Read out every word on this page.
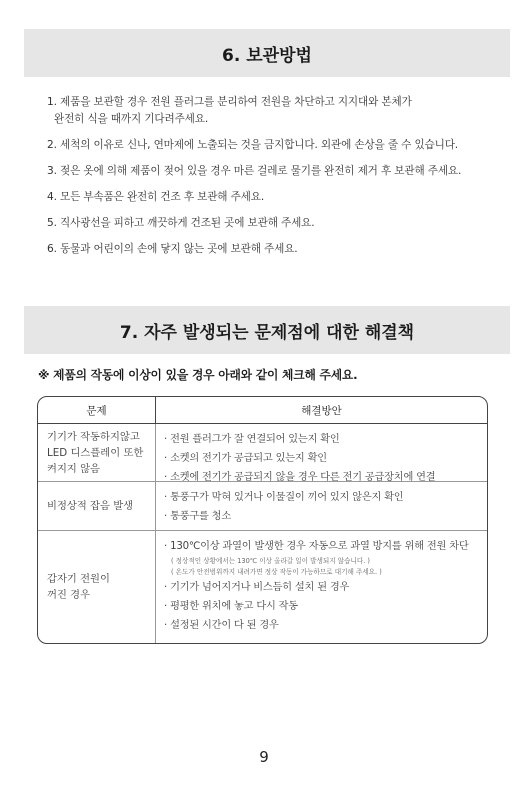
6. 보관방법
1. 제품을 보관할 경우 전원 플러그를 분리하여 전원을 차단하고 지지대와 본체가
완전히 식을 때까지 기다려주세요.
2. 세척의 이유로 신나, 연마제에 노출되는 것을 금지합니다. 외관에 손상을 줄 수 있습니다.
3. 젖은 옷에 의해 제품이 젖어 있을 경우 마른 걸레로 물기를 완전히 제거 후 보관해 주세요.
4. 모든 부속품은 완전히 건조 후 보관해 주세요.
5. 직사광선을 피하고 깨끗하게 건조된 곳에 보관해 주세요.
6. 동물과 어린이의 손에 닿지 않는 곳에 보관해 주세요.
7. 자주 발생되는 문제점에 대한 해결책
※ 제품의 작동에 이상이 있을 경우 아래와 같이 체크해 주세요.
문제	해결방안
기기가 작동하지않고
LED 디스플레이 또한
켜지지 않음
· 전원 플러그가 잘 연결되어 있는지 확인
· 소켓의 전기가 공급되고 있는지 확인
· 소켓에 전기가 공급되지 않을 경우 다른 전기 공급장치에 연결
비정상적 잡음 발생
· 통풍구가 막혀 있거나 이물질이 끼어 있지 않은지 확인
· 통풍구를 청소
갑자기 전원이
꺼진 경우
· 130℃이상 과열이 발생한 경우 자동으로 과열 방지를 위해 전원 차단
( 정상적인 상황에서는 130℃ 이상 올라갈 일이 발생되지 않습니다. )
( 온도가 안전범위까지 내려가면 정상 작동이 가능하므로 대기해 주세요. )
· 기기가 넘어지거나 비스듬히 설치 된 경우
· 평평한 위치에 놓고 다시 작동
· 설정된 시간이 다 된 경우
9
